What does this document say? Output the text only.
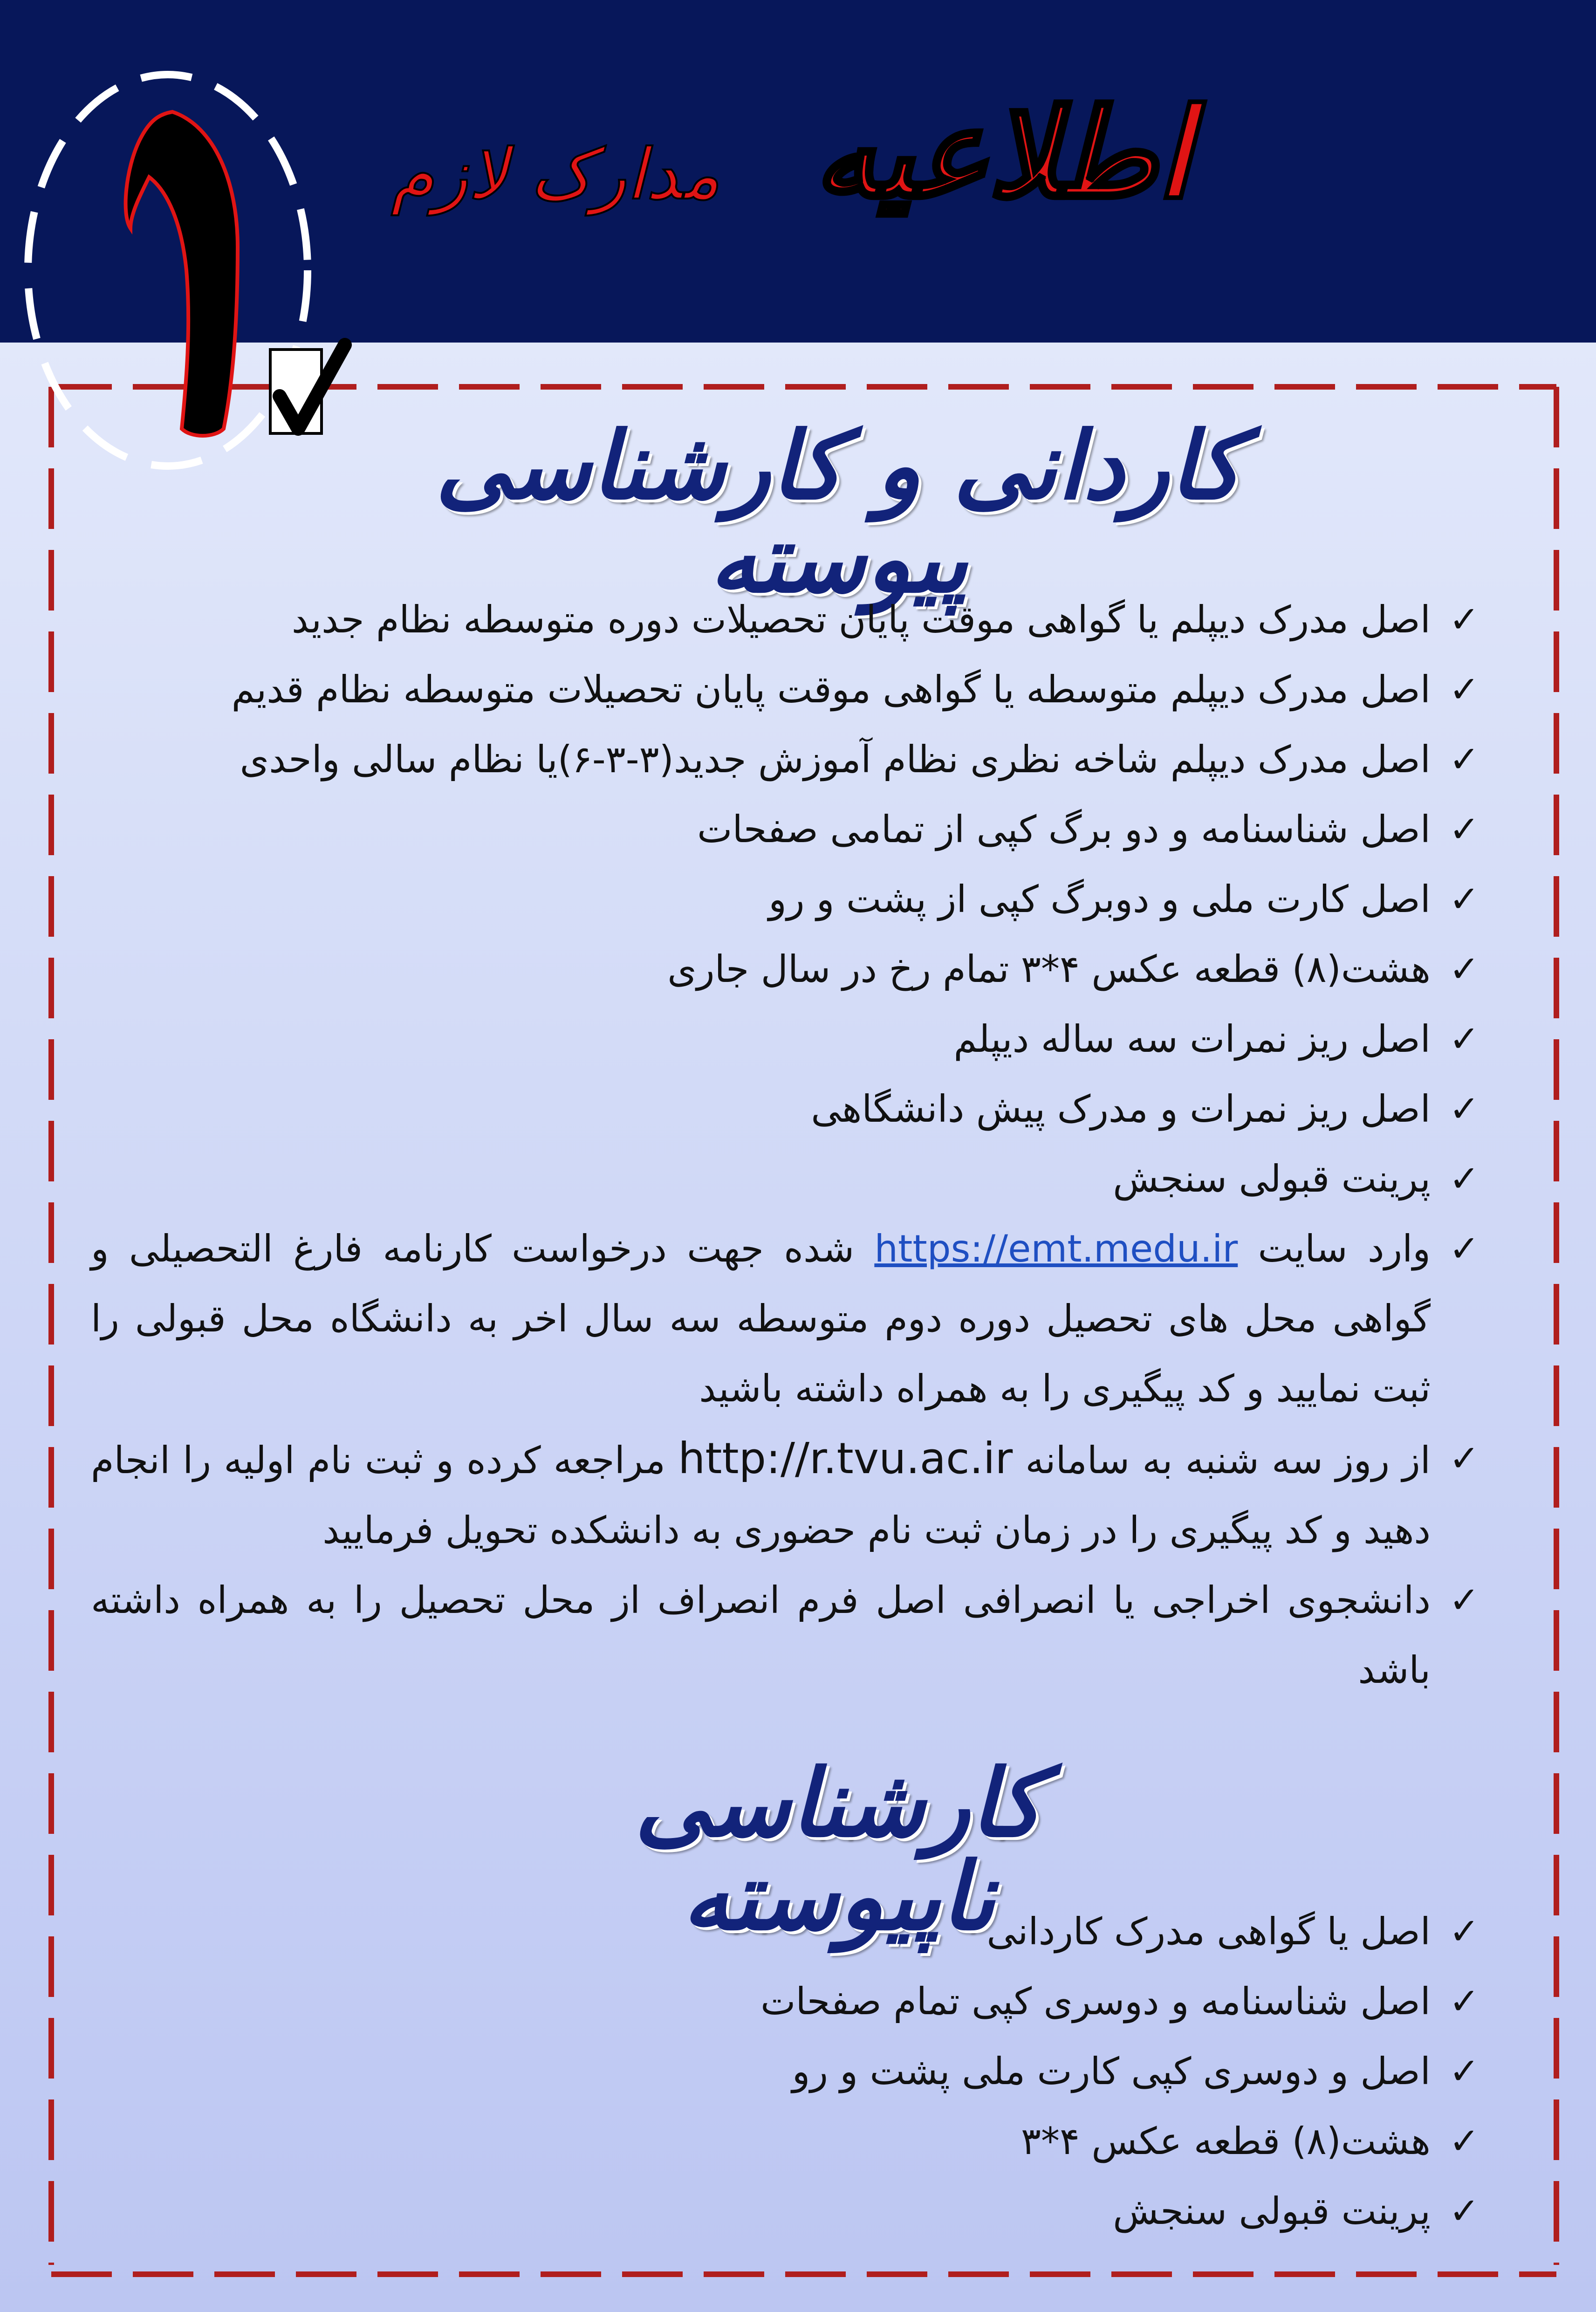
اطلاعیه
مدارک لازم
کاردانی و کارشناسی پیوسته
✓
اصل مدرک دیپلم یا گواهی موقت پایان تحصیلات دوره متوسطه نظام جدید
✓
اصل مدرک دیپلم متوسطه یا گواهی موقت پایان تحصیلات متوسطه نظام قدیم
✓
اصل مدرک دیپلم شاخه نظری نظام آموزش جدید(۳-۳-۶)یا نظام سالی واحدی
✓
اصل شناسنامه و دو برگ کپی از تمامی صفحات
✓
اصل کارت ملی و دوبرگ کپی از پشت و رو
✓
هشت(۸) قطعه عکس ۴*۳ تمام رخ در سال جاری
✓
اصل ریز نمرات سه ساله دیپلم
✓
اصل ریز نمرات و مدرک پیش دانشگاهی
✓
پرینت قبولی سنجش
✓
وارد سایت https://emt.medu.ir شده جهت درخواست کارنامه فارغ التحصیلی و گواهی محل های تحصیل دوره دوم متوسطه سه سال اخر به دانشگاه محل قبولی را ثبت نمایید و کد پیگیری را به همراه داشته باشید
✓
از روز سه شنبه به سامانه http://r.tvu.ac.ir مراجعه کرده و ثبت نام اولیه را انجام دهید و کد پیگیری را در زمان ثبت نام حضوری به دانشکده تحویل فرمایید
✓
دانشجوی اخراجی یا انصرافی اصل فرم انصراف از محل تحصیل را به همراه داشته باشد
کارشناسی ناپیوسته	✓
اصل یا گواهی مدرک کاردانی
✓
اصل شناسنامه و دوسری کپی تمام صفحات
✓
اصل و دوسری کپی کارت ملی پشت و رو
✓
هشت(۸) قطعه عکس ۴*۳
✓
پرینت قبولی سنجش
